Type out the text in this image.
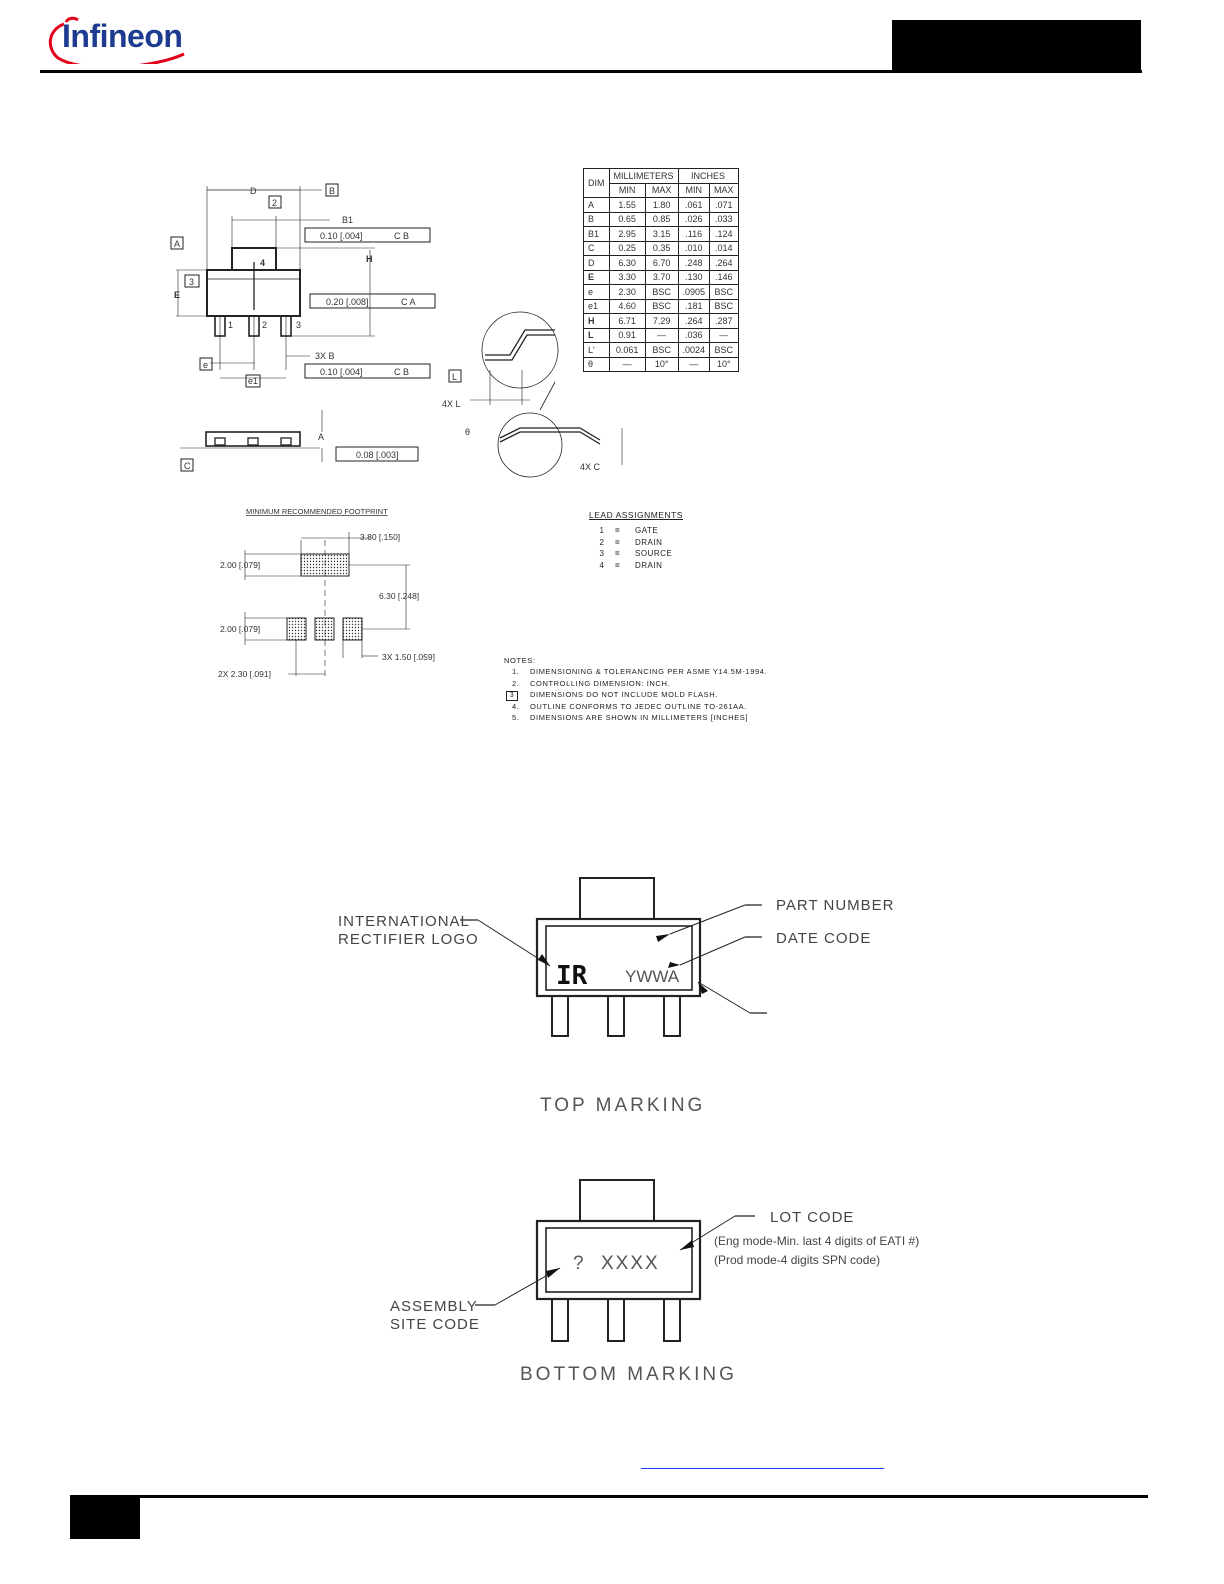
Infineon
D	B
2
B1
A
3
E
H
4
1	2	3
e
e1
3X B
0.10 [.004]	C B
0.20 [.008]	C A
0.10 [.004]	C B
A
C
0.08 [.003]
L
4X L
θ
4X C
DIM	MILLIMETERS		INCHES	
	MIN	MAX	MIN	MAX
A	1.55	1.80	.061	.071
B	0.65	0.85	.026	.033
B1	2.95	3.15	.116	.124
C	0.25	0.35	.010	.014
D	6.30	6.70	.248	.264
E	3.30	3.70	.130	.146
e	2.30	BSC	.0905	BSC
e1	4.60	BSC	.181	BSC
H	6.71	7.29	.264	.287
L	0.91	—	.036	—
L'	0.061	BSC	.0024	BSC
θ	—	10°	—	10°
MINIMUM RECOMMENDED FOOTPRINT
3.80 [.150]
2.00 [.079]
6.30 [.248]
2.00 [.079]
3X 1.50 [.059]
2X 2.30 [.091]
LEAD ASSIGNMENTS
1 = GATE
2 = DRAIN
3 = SOURCE
4 = DRAIN
NOTES:
1. DIMENSIONING & TOLERANCING PER ASME Y14.5M-1994.
2. CONTROLLING DIMENSION: INCH.
3 DIMENSIONS DO NOT INCLUDE MOLD FLASH.
4. OUTLINE CONFORMS TO JEDEC OUTLINE TO-261AA.
5. DIMENSIONS ARE SHOWN IN MILLIMETERS [INCHES]
INTERNATIONAL
RECTIFIER LOGO
PART NUMBER
DATE CODE
IR YWWA
TOP MARKING
LOT CODE
(Eng mode-Min. last 4 digits of EATI #)
(Prod mode-4 digits SPN code)
? XXXX
ASSEMBLY
SITE CODE
BOTTOM MARKING
